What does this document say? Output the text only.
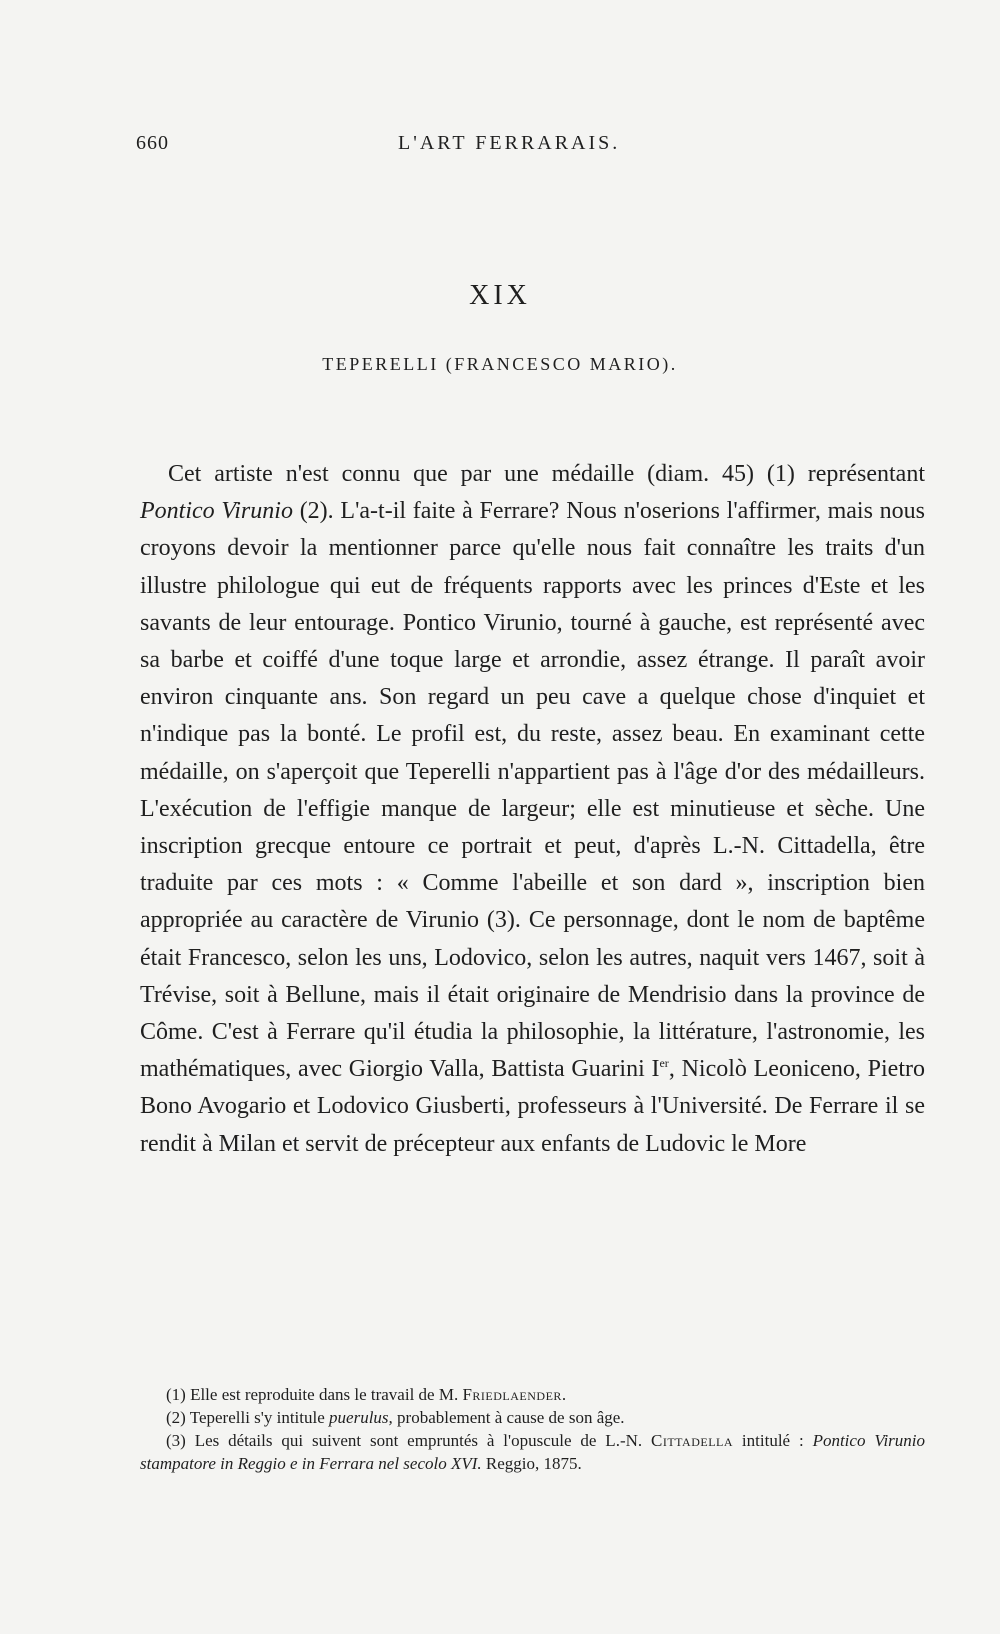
660	L'ART FERRARAIS.
XIX
TEPERELLI (FRANCESCO MARIO).

Cet artiste n'est connu que par une médaille (diam. 45) (1) représentant Pontico Virunio (2). L'a-t-il faite à Ferrare? Nous n'oserions l'affirmer, mais nous croyons devoir la mentionner parce qu'elle nous fait connaître les traits d'un illustre philologue qui eut de fréquents rapports avec les princes d'Este et les savants de leur entourage. Pontico Virunio, tourné à gauche, est représenté avec sa barbe et coiffé d'une toque large et arrondie, assez étrange. Il paraît avoir environ cinquante ans. Son regard un peu cave a quelque chose d'inquiet et n'indique pas la bonté. Le profil est, du reste, assez beau. En examinant cette médaille, on s'aperçoit que Teperelli n'appartient pas à l'âge d'or des médailleurs. L'exécution de l'effigie manque de largeur; elle est minutieuse et sèche. Une inscription grecque entoure ce portrait et peut, d'après L.-N. Cittadella, être traduite par ces mots : « Comme l'abeille et son dard », inscription bien appropriée au caractère de Virunio (3). Ce personnage, dont le nom de baptême était Francesco, selon les uns, Lodovico, selon les autres, naquit vers 1467, soit à Trévise, soit à Bellune, mais il était originaire de Mendrisio dans la province de Côme. C'est à Ferrare qu'il étudia la philosophie, la littérature, l'astronomie, les mathématiques, avec Giorgio Valla, Battista Guarini Ier, Nicolò Leoniceno, Pietro Bono Avogario et Lodovico Giusberti, professeurs à l'Université. De Ferrare il se rendit à Milan et servit de précepteur aux enfants de Ludovic le More

(1) Elle est reproduite dans le travail de M. Friedlaender.

(2) Teperelli s'y intitule puerulus, probablement à cause de son âge.

(3) Les détails qui suivent sont empruntés à l'opuscule de L.-N. Cittadella intitulé : Pontico Virunio stampatore in Reggio e in Ferrara nel secolo XVI. Reggio, 1875.
